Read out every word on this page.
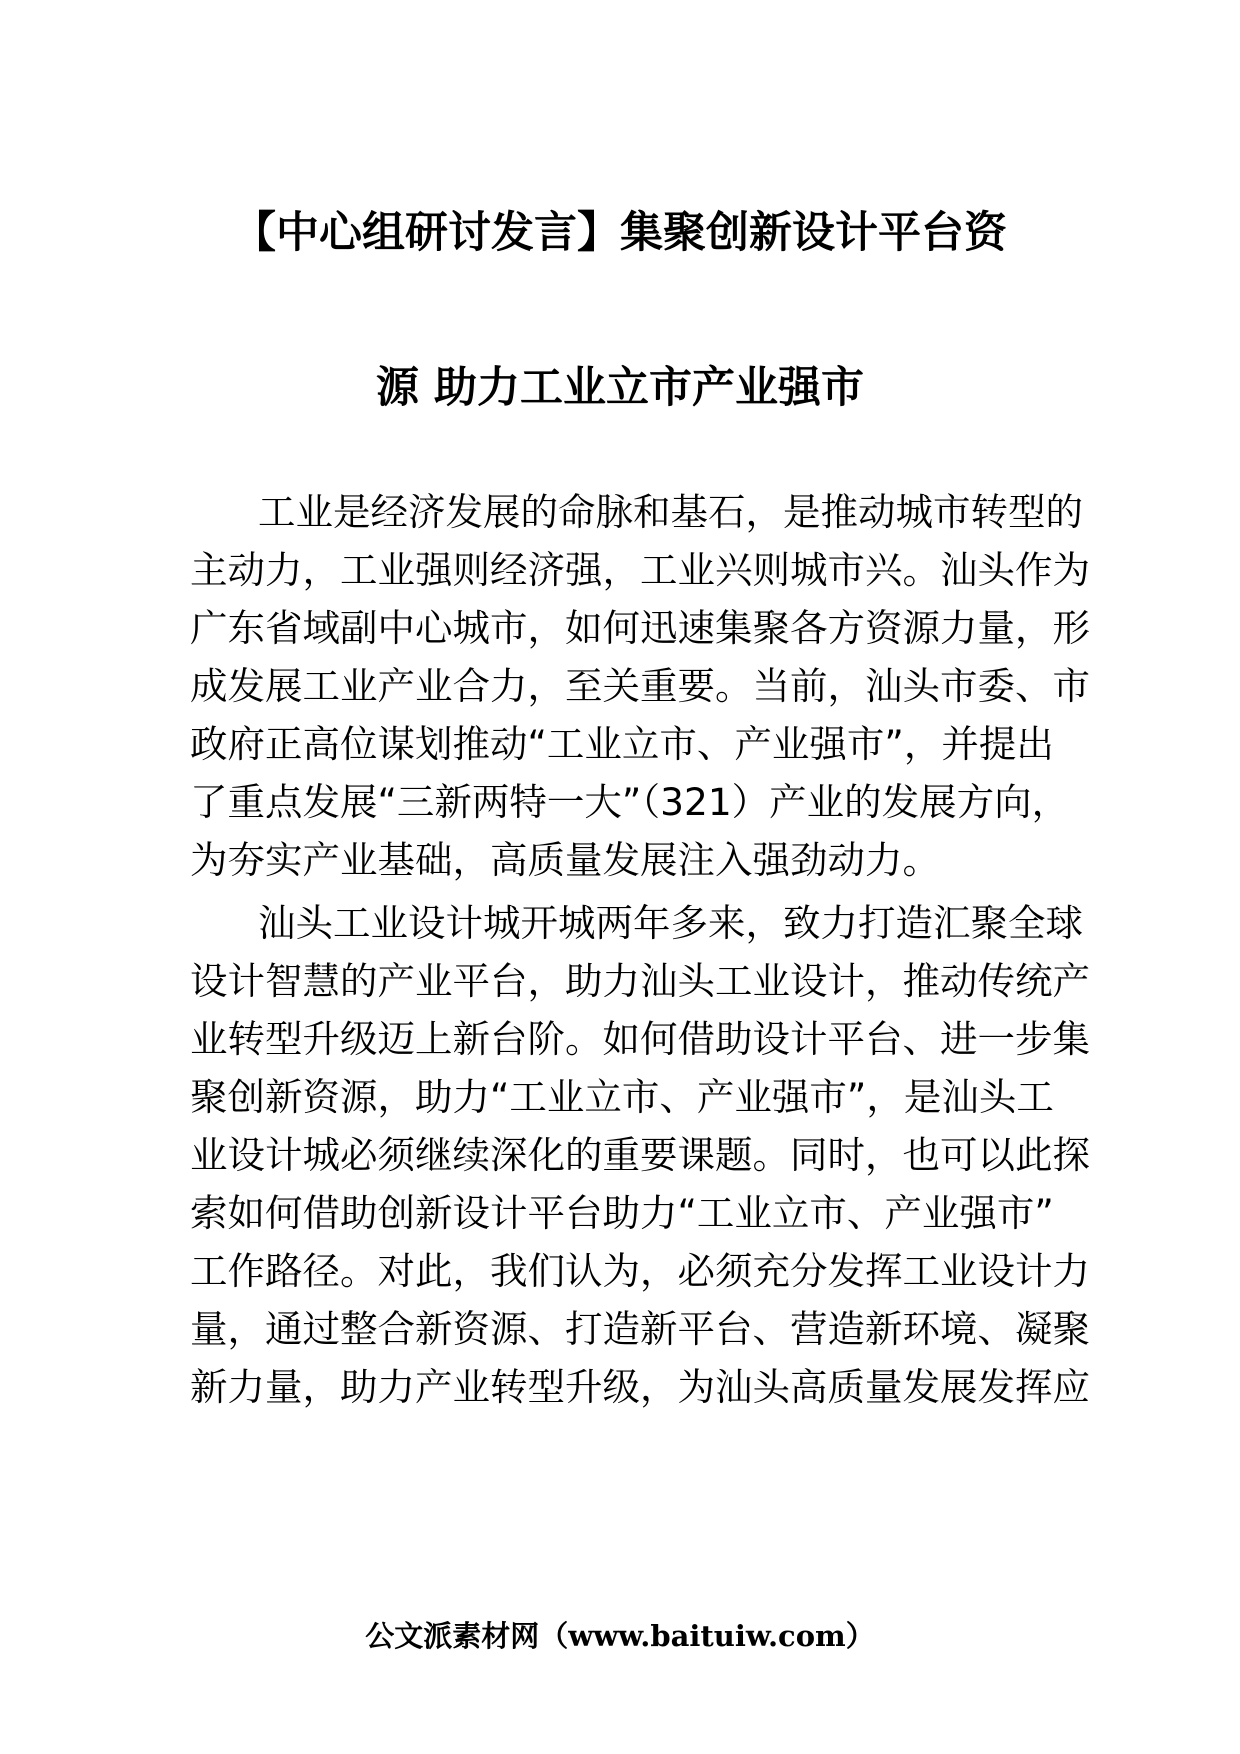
【中心组研讨发言】集聚创新设计平台资
源 助力工业立市产业强市
工业是经济发展的命脉和基石，是推动城市转型的
主动力，工业强则经济强，工业兴则城市兴。汕头作为
广东省域副中心城市，如何迅速集聚各方资源力量，形
成发展工业产业合力，至关重要。当前，汕头市委、市
政府正高位谋划推动“工业立市、产业强市”，并提出
了重点发展“三新两特一大”（321）产业的发展方向，
为夯实产业基础，高质量发展注入强劲动力。
汕头工业设计城开城两年多来，致力打造汇聚全球
设计智慧的产业平台，助力汕头工业设计，推动传统产
业转型升级迈上新台阶。如何借助设计平台、进一步集
聚创新资源，助力“工业立市、产业强市”，是汕头工
业设计城必须继续深化的重要课题。同时，也可以此探
索如何借助创新设计平台助力“工业立市、产业强市”
工作路径。对此，我们认为，必须充分发挥工业设计力
量，通过整合新资源、打造新平台、营造新环境、凝聚
新力量，助力产业转型升级，为汕头高质量发展发挥应
公文派素材网（www.baituiw.com）
